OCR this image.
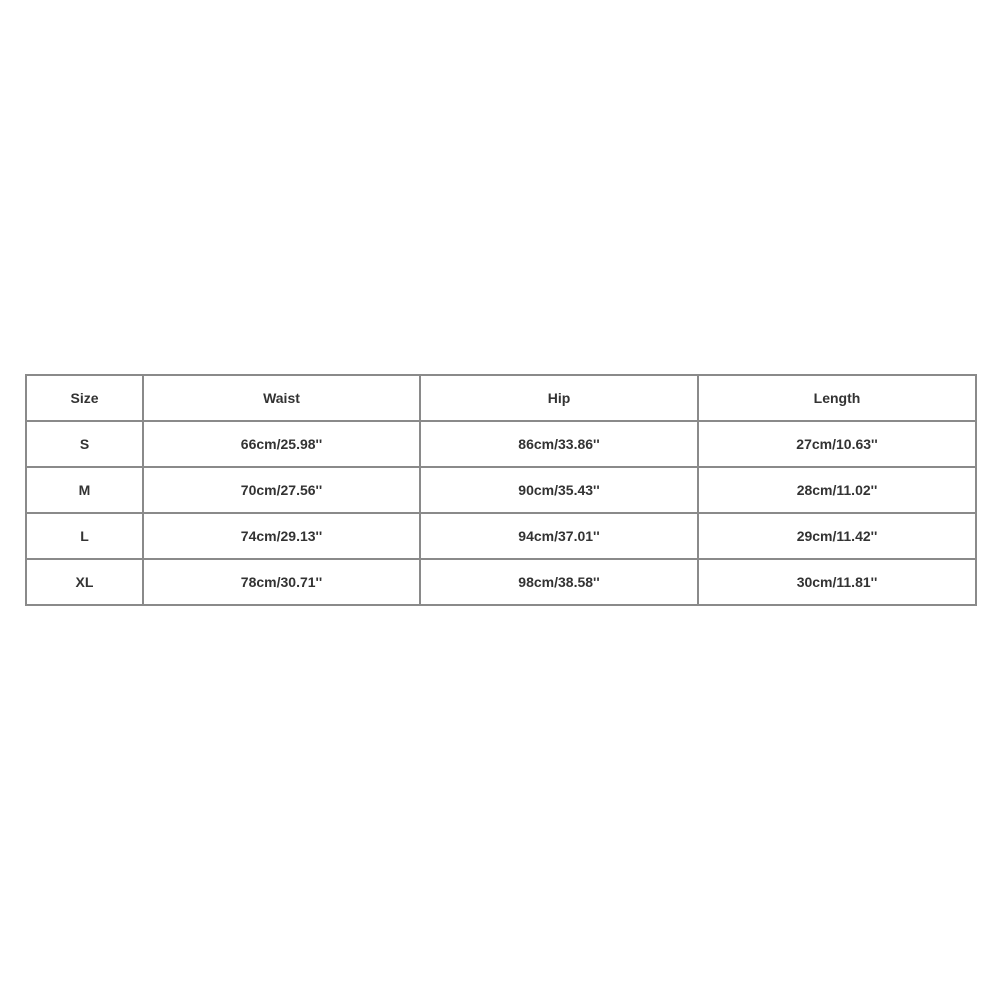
Size	Waist	Hip	Length
S	66cm/25.98''	86cm/33.86''	27cm/10.63''
M	70cm/27.56''	90cm/35.43''	28cm/11.02''
L	74cm/29.13''	94cm/37.01''	29cm/11.42''
XL	78cm/30.71''	98cm/38.58''	30cm/11.81''
